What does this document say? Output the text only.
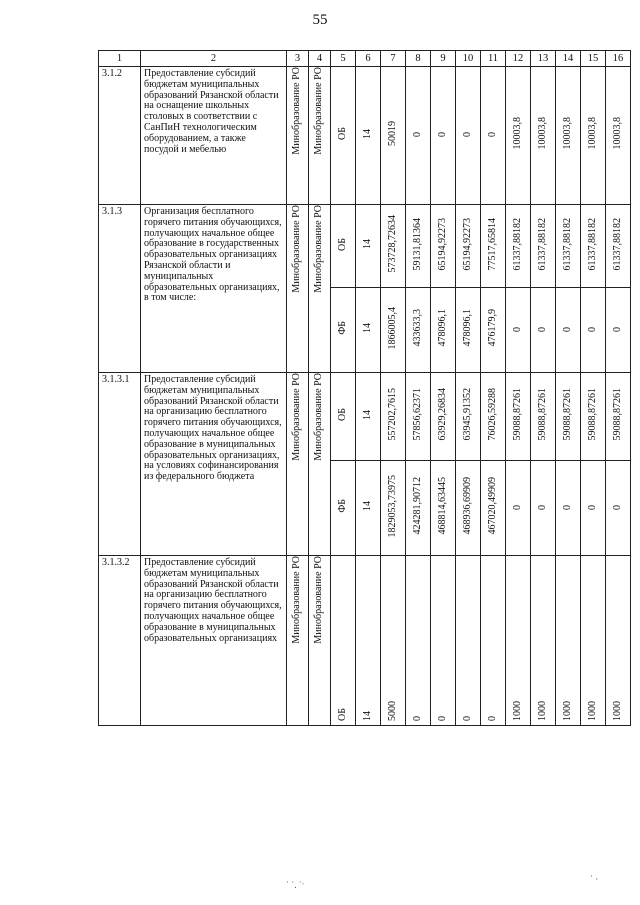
55
1	2	3	4	5	6	7	8	9	10	11	12	13	14	15	16
3.1.2	Предоставление субсидий бюджетам муниципальных образований Рязанской области на оснащение школьных столовых в соответствии с СанПиН технологическим оборудованием, а также посудой и мебелью	Минобразование РО	Минобразование РО	ОБ	14	50019	0	0	0	0	10003,8	10003,8	10003,8	10003,8	10003,8
3.1.3	Организация бесплатного горячего питания обучающихся, получающих начальное общее образование в государственных образовательных организациях Рязанской области и муниципальных образовательных организациях, в том числе:	Минобразование РО	Минобразование РО	ОБ	14	573728,72634	59131,81364	65194,92273	65194,92273	77517,65814	61337,88182	61337,88182	61337,88182	61337,88182	61337,88182
				ФБ	14	1866005,4	433633,3	478096,1	478096,1	476179,9	0	0	0	0	0
3.1.3.1	Предоставление субсидий бюджетам муниципальных образований Рязанской области на организацию бесплатного горячего питания обучающихся, получающих начальное общее образование в муниципальных образовательных организациях, на условиях софинансирования из федерального бюджета	Минобразование РО	Минобразование РО	ОБ	14	557202,7615	57856,62371	63929,26834	63945,91352	76026,59288	59088,87261	59088,87261	59088,87261	59088,87261	59088,87261
				ФБ	14	1829053,73975	424281,90712	468814,63445	468936,69909	467020,49909	0	0	0	0	0
3.1.3.2	Предоставление субсидий бюджетам муниципальных образований Рязанской области на организацию бесплатного горячего питания обучающихся, получающих начальное общее образование в муниципальных образовательных организациях	Минобразование РО	Минобразование РО	ОБ	14	5000	0	0	0	0	1000	1000	1000	1000	1000
˙ ˙. ˙ˑ
˙ ·
